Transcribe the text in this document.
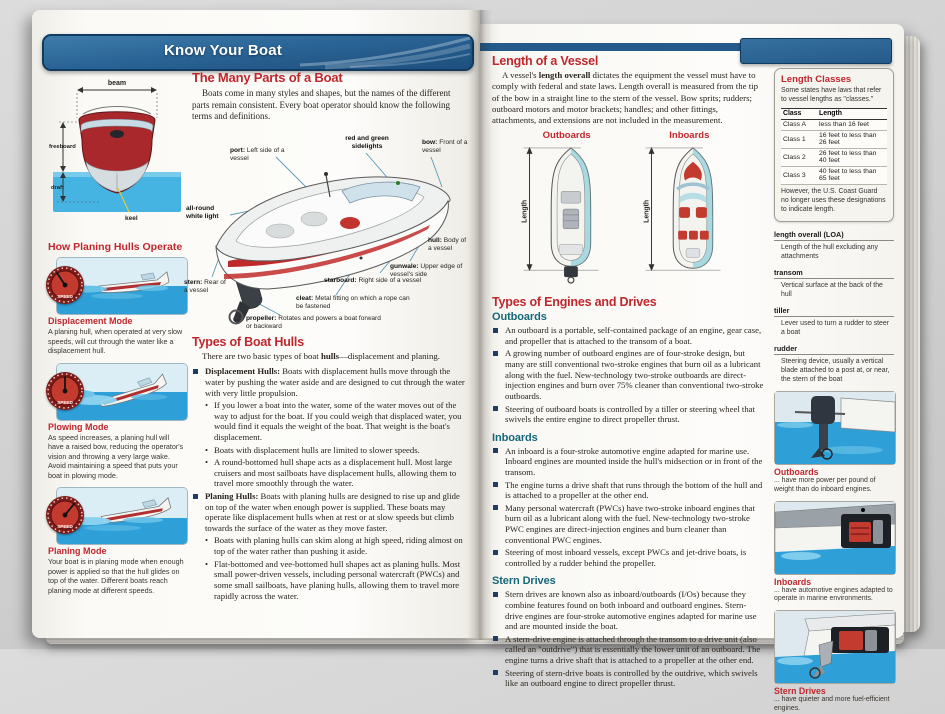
Know Your Boat
beam
freeboard
draft
keel
How Planing Hulls Operate
SPEED
Displacement Mode
A planing hull, when operated at very slow speeds, will cut through the water like a displacement hull.
SPEED
Plowing Mode
As speed increases, a planing hull will have a raised bow, reducing the operator's vision and throwing a very large wake. Avoid maintaining a speed that puts your boat in plowing mode.
SPEED
Planing Mode
Your boat is in planing mode when enough power is applied so that the hull glides on top of the water. Different boats reach planing mode at different speeds.
The Many Parts of a Boat

Boats come in many styles and shapes, but the names of the different parts remain consistent. Every boat operator should know the following terms and definitions.

port: Left side of a vessel
red and green sidelights
bow: Front of a vessel
all-round white light
hull: Body of a vessel
gunwale: Upper edge of vessel's side
starboard: Right side of a vessel
stern: Rear of a vessel
cleat: Metal fitting on which a rope can be fastened
propeller: Rotates and powers a boat forward or backward
Types of Boat Hulls

There are two basic types of boat hulls—displacement and planing.

Displacement Hulls: Boats with displacement hulls move through the water by pushing the water aside and are designed to cut through the water with very little propulsion.
• If you lower a boat into the water, some of the water moves out of the way to adjust for the boat. If you could weigh that displaced water, you would find it equals the weight of the boat. That weight is the boat's displacement.
• Boats with displacement hulls are limited to slower speeds.
• A round-bottomed hull shape acts as a displacement hull. Most large cruisers and most sailboats have displacement hulls, allowing them to travel more smoothly through the water.
Planing Hulls: Boats with planing hulls are designed to rise up and glide on top of the water when enough power is supplied. These boats may operate like displacement hulls when at rest or at slow speeds but climb towards the surface of the water as they move faster.
• Boats with planing hulls can skim along at high speed, riding almost on top of the water rather than pushing it aside.
• Flat-bottomed and vee-bottomed hull shapes act as planing hulls. Most small power-driven vessels, including personal watercraft (PWCs) and some small sailboats, have planing hulls, allowing them to travel more rapidly across the water.
Length of a Vessel

A vessel's length overall dictates the equipment the vessel must have to comply with federal and state laws. Length overall is measured from the tip of the bow in a straight line to the stern of the vessel. Bow sprits; rudders; outboard motors and motor brackets; handles; and other fittings, attachments, and extensions are not included in the measurement.

Outboards
Length
Inboards
Length
Types of Engines and Drives
Outboards
An outboard is a portable, self-contained package of an engine, gear case, and propeller that is attached to the transom of a boat.
A growing number of outboard engines are of four-stroke design, but many are still conventional two-stroke engines that burn oil as a lubricant along with the fuel. New-technology two-stroke outboards are direct-injection engines and burn over 75% cleaner than conventional two-stroke outboards.
Steering of outboard boats is controlled by a tiller or steering wheel that swivels the entire engine to direct propeller thrust.
Inboards
An inboard is a four-stroke automotive engine adapted for marine use. Inboard engines are mounted inside the hull's midsection or in front of the transom.
The engine turns a drive shaft that runs through the bottom of the hull and is attached to a propeller at the other end.
Many personal watercraft (PWCs) have two-stroke inboard engines that burn oil as a lubricant along with the fuel. New-technology two-stroke PWC engines are direct-injection engines and burn cleaner than conventional PWC engines.
Steering of most inboard vessels, except PWCs and jet-drive boats, is controlled by a rudder behind the propeller.
Stern Drives
Stern drives are known also as inboard/outboards (I/Os) because they combine features found on both inboard and outboard engines. Stern-drive engines are four-stroke automotive engines adapted for marine use and are mounted inside the boat.
A stern-drive engine is attached through the transom to a drive unit (also called an "outdrive") that is essentially the lower unit of an outboard. The engine turns a drive shaft that is attached to a propeller at the other end.
Steering of stern-drive boats is controlled by the outdrive, which swivels like an outboard engine to direct propeller thrust.
Length Classes
Some states have laws that refer to vessel lengths as "classes."
Class	Length
Class A	less than 16 feet
Class 1	16 feet to less than 26 feet
Class 2	26 feet to less than 40 feet
Class 3	40 feet to less than 65 feet
However, the U.S. Coast Guard no longer uses these designations to indicate length.
length overall (LOA)
Length of the hull excluding any attachments
transom
Vertical surface at the back of the hull
tiller
Lever used to turn a rudder to steer a boat
rudder
Steering device, usually a vertical blade attached to a post at, or near, the stern of the boat
Outboards
... have more power per pound of weight than do inboard engines.
Inboards
... have automotive engines adapted to operate in marine environments.
Stern Drives
... have quieter and more fuel-efficient engines.
